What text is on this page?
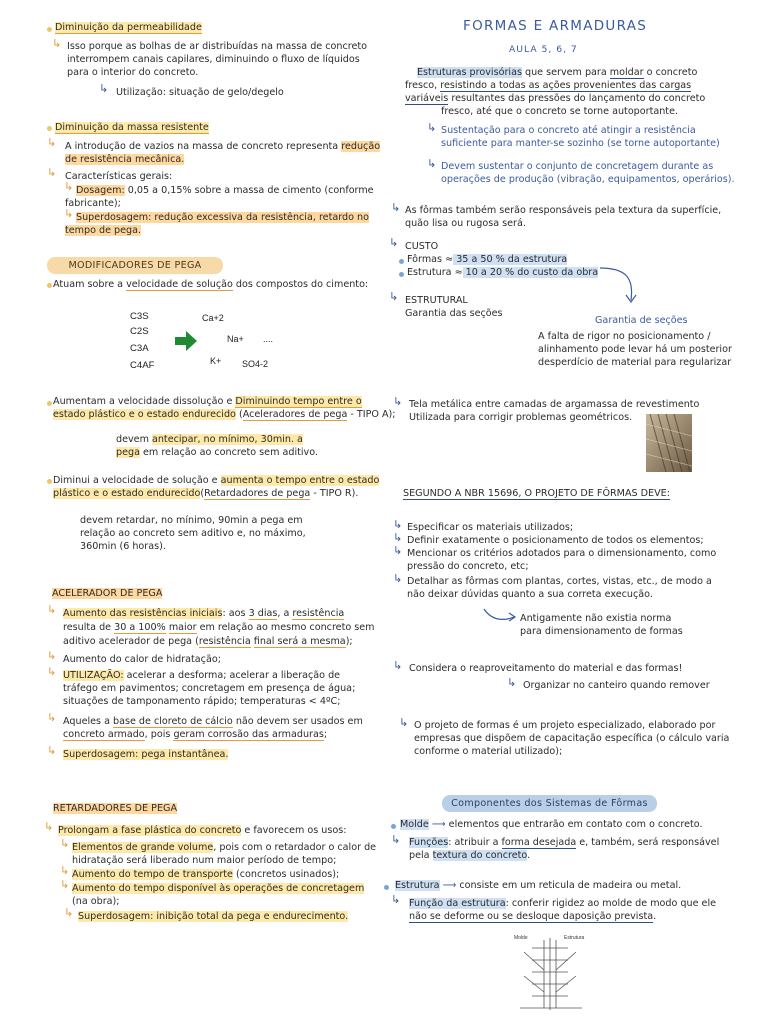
Diminuição da permeabilidade
↳ Isso porque as bolhas de ar distribuídas na massa de concreto
interrompem canais capilares, diminuindo o fluxo de líquidos
para o interior do concreto.
↳ Utilização: situação de gelo/degelo
Diminuição da massa resistente
↳ A introdução de vazios na massa de concreto representa redução
de resistência mecânica.
↳ Características gerais:
↳ Dosagem: 0,05 a 0,15% sobre a massa de cimento (conforme
fabricante);
↳ Superdosagem: redução excessiva da resistência, retardo no
tempo de pega.
MODIFICADORES DE PEGA
Atuam sobre a velocidade de solução dos compostos do cimento:
C3S
C2S
C3A
C4AF
Ca+2
Na+ ....
K+ SO4-2
Aumentam a velocidade dissolução e Diminuindo tempo entre o
estado plástico e o estado endurecido (Aceleradores de pega - TIPO A);
devem antecipar, no mínimo, 30min. a
pega em relação ao concreto sem aditivo.
Diminui a velocidade de solução e aumenta o tempo entre o estado
plástico e o estado endurecido(Retardadores de pega - TIPO R).
devem retardar, no mínimo, 90min a pega em
relação ao concreto sem aditivo e, no máximo,
360min (6 horas).
ACELERADOR DE PEGA
↳ Aumento das resistências iniciais: aos 3 dias, a resistência
resulta de 30 a 100% maior em relação ao mesmo concreto sem
aditivo acelerador de pega (resistência final será a mesma);
↳ Aumento do calor de hidratação;
↳ UTILIZAÇÃO: acelerar a desforma; acelerar a liberação de
tráfego em pavimentos; concretagem em presença de água;
situações de tamponamento rápido; temperaturas < 4ºC;
↳ Aqueles a base de cloreto de cálcio não devem ser usados em
concreto armado, pois geram corrosão das armaduras;
↳ Superdosagem: pega instantânea.
RETARDADORES DE PEGA
↳ Prolongam a fase plástica do concreto e favorecem os usos:
↳ Elementos de grande volume, pois com o retardador o calor de
hidratação será liberado num maior período de tempo;
↳ Aumento do tempo de transporte (concretos usinados);
↳ Aumento do tempo disponível às operações de concretagem
(na obra);
↳ Superdosagem: inibição total da pega e endurecimento.
FORMAS E ARMADURAS
AULA 5, 6, 7
Estruturas provisórias que servem para moldar o concreto
fresco, resistindo a todas as ações provenientes das cargas
variáveis resultantes das pressões do lançamento do concreto
fresco, até que o concreto se torne autoportante.
↳ Sustentação para o concreto até atingir a resistência
suficiente para manter-se sozinho (se torne autoportante)
↳ Devem sustentar o conjunto de concretagem durante as
operações de produção (vibração, equipamentos, operários).
↳ As fôrmas também serão responsáveis pela textura da superfície,
quão lisa ou rugosa será.
↳ CUSTO
Fôrmas ≈ 35 a 50 % da estrutura
Estrutura ≈ 10 a 20 % do custo da obra
↳ ESTRUTURAL
Garantia das seções
Garantia de seções
A falta de rigor no posicionamento /
alinhamento pode levar há um posterior
desperdício de material para regularizar
↳ Tela metálica entre camadas de argamassa de revestimento
Utilizada para corrigir problemas geométricos.
SEGUNDO A NBR 15696, O PROJETO DE FÔRMAS DEVE:
↳ Especificar os materiais utilizados;
↳ Definir exatamente o posicionamento de todos os elementos;
↳ Mencionar os critérios adotados para o dimensionamento, como
pressão do concreto, etc;
↳ Detalhar as fôrmas com plantas, cortes, vistas, etc., de modo a
não deixar dúvidas quanto a sua correta execução.
Antigamente não existia norma
para dimensionamento de formas
↳ Considera o reaproveitamento do material e das formas!
↳ Organizar no canteiro quando remover
↳ O projeto de formas é um projeto especializado, elaborado por
empresas que dispõem de capacitação específica (o cálculo varia
conforme o material utilizado);
Componentes dos Sistemas de Fôrmas
Molde ⟶ elementos que entrarão em contato com o concreto.
↳ Funções: atribuir a forma desejada e, também, será responsável
pela textura do concreto.
Estrutura ⟶ consiste em um reticula de madeira ou metal.
↳ Função da estrutura: conferir rigidez ao molde de modo que ele
não se deforme ou se desloque daposição prevista.
Molde	Estrutura
